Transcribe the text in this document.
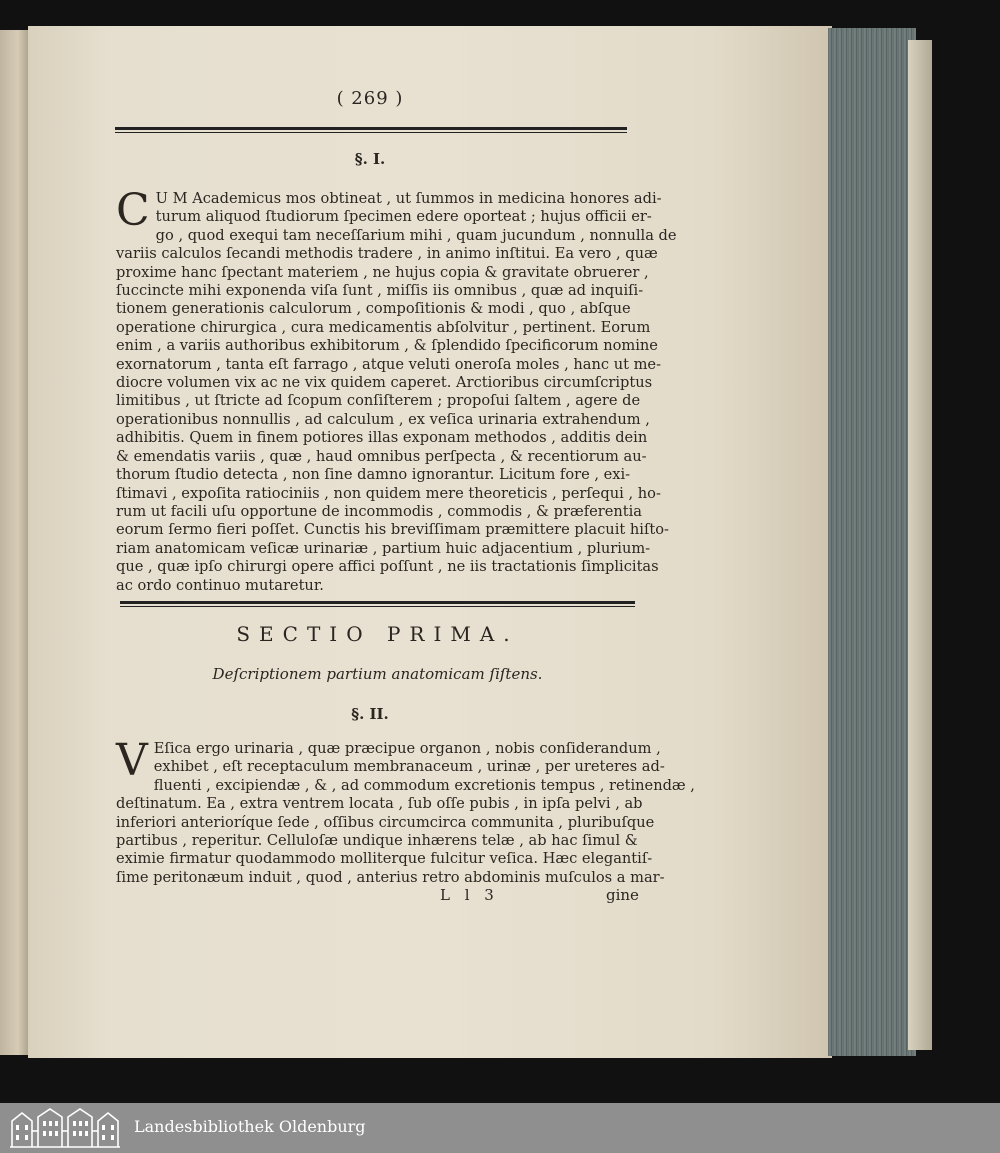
( 269 )
§. I.
C U M Academicus mos obtineat , ut ſummos in medicina honores adi-
turum aliquod ſtudiorum ſpecimen edere oporteat ; hujus officii er-
go , quod exequi tam neceſſarium mihi , quam jucundum , nonnulla de
variis calculos ſecandi methodis tradere , in animo inſtitui. Ea vero , quæ
proxime hanc ſpectant materiem , ne hujus copia & gravitate obruerer ,
ſuccincte mihi exponenda viſa ſunt , miſſis iis omnibus , quæ ad inquiſi-
tionem generationis calculorum , compoſitionis & modi , quo , abſque
operatione chirurgica , cura medicamentis abſolvitur , pertinent. Eorum
enim , a variis authoribus exhibitorum , & ſplendido ſpecificorum nomine
exornatorum , tanta eſt farrago , atque veluti oneroſa moles , hanc ut me-
diocre volumen vix ac ne vix quidem caperet. Arctioribus circumſcriptus
limitibus , ut ſtricte ad ſcopum conſiſterem ; propoſui ſaltem , agere de
operationibus nonnullis , ad calculum , ex veſica urinaria extrahendum ,
adhibitis. Quem in finem potiores illas exponam methodos , additis dein
& emendatis variis , quæ , haud omnibus perſpecta , & recentiorum au-
thorum ſtudio detecta , non ſine damno ignorantur. Licitum fore , exi-
ſtimavi , expoſita ratiociniis , non quidem mere theoreticis , perſequi , ho-
rum ut facili uſu opportune de incommodis , commodis , & præferentia
eorum ſermo fieri poſſet. Cunctis his breviſſimam præmittere placuit hiſto-
riam anatomicam veſicæ urinariæ , partium huic adjacentium , plurium-
que , quæ ipſo chirurgi opere affici poſſunt , ne iis tractationis ſimplicitas
ac ordo continuo mutaretur.
SECTIO PRIMA.
Deſcriptionem partium anatomicam ſiſtens.
§. II.
V Eſica ergo urinaria , quæ præcipue organon , nobis conſiderandum ,
exhibet , eſt receptaculum membranaceum , urinæ , per ureteres ad-
fluenti , excipiendæ , & , ad commodum excretionis tempus , retinendæ ,
deſtinatum. Ea , extra ventrem locata , ſub oſſe pubis , in ipſa pelvi , ab
inferiori anterioríque ſede , oſſibus circumcirca communita , pluribuſque
partibus , reperitur. Celluloſæ undique inhærens telæ , ab hac ſimul &
eximie firmatur quodammodo molliterque fulcitur veſica. Hæc elegantiſ-
ſime peritonæum induit , quod , anterius retro abdominis muſculos a mar-
L l 3	gine
Landesbibliothek Oldenburg
